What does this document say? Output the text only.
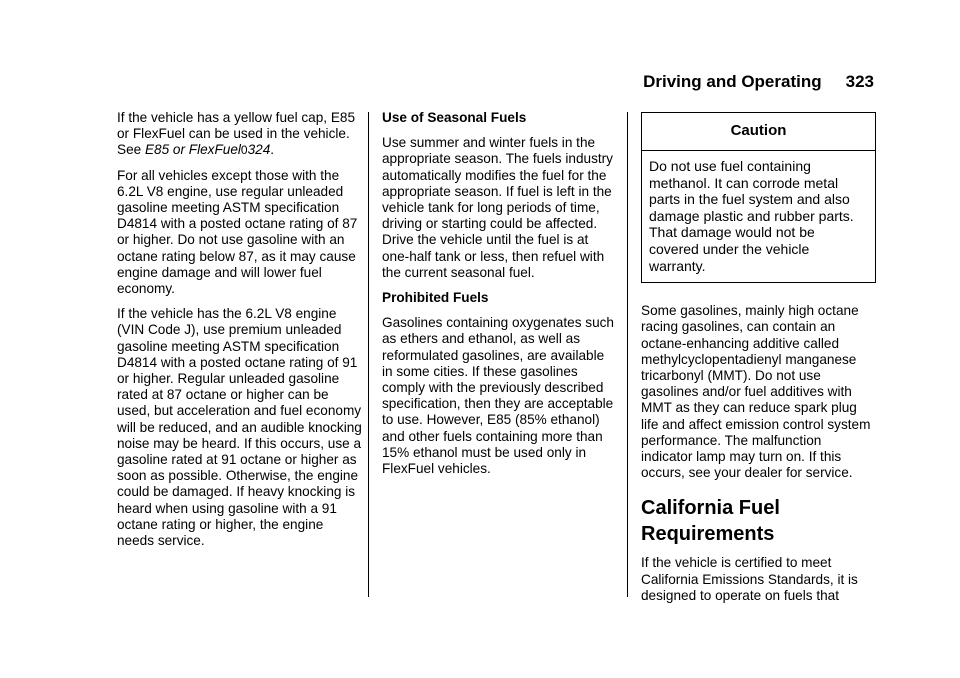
Driving and Operating 323

If the vehicle has a yellow fuel cap, E85 or FlexFuel can be used in the vehicle. See E85 or FlexFuel0324.

For all vehicles except those with the 6.2L V8 engine, use regular unleaded gasoline meeting ASTM specification D4814 with a posted octane rating of 87 or higher. Do not use gasoline with an octane rating below 87, as it may cause engine damage and will lower fuel economy.

If the vehicle has the 6.2L V8 engine (VIN Code J), use premium unleaded gasoline meeting ASTM specification D4814 with a posted octane rating of 91 or higher. Regular unleaded gasoline rated at 87 octane or higher can be used, but acceleration and fuel economy will be reduced, and an audible knocking noise may be heard. If this occurs, use a gasoline rated at 91 octane or higher as soon as possible. Otherwise, the engine could be damaged. If heavy knocking is heard when using gasoline with a 91 octane rating or higher, the engine needs service.

Use of Seasonal Fuels

Use summer and winter fuels in the appropriate season. The fuels industry automatically modifies the fuel for the appropriate season. If fuel is left in the vehicle tank for long periods of time, driving or starting could be affected. Drive the vehicle until the fuel is at one-half tank or less, then refuel with the current seasonal fuel.

Prohibited Fuels

Gasolines containing oxygenates such as ethers and ethanol, as well as reformulated gasolines, are available in some cities. If these gasolines comply with the previously described specification, then they are acceptable to use. However, E85 (85% ethanol) and other fuels containing more than 15% ethanol must be used only in FlexFuel vehicles.

Caution
Do not use fuel containing methanol. It can corrode metal parts in the fuel system and also damage plastic and rubber parts. That damage would not be covered under the vehicle warranty.

Some gasolines, mainly high octane racing gasolines, can contain an octane-enhancing additive called methylcyclopentadienyl manganese tricarbonyl (MMT). Do not use gasolines and/or fuel additives with MMT as they can reduce spark plug life and affect emission control system performance. The malfunction indicator lamp may turn on. If this occurs, see your dealer for service.

California Fuel Requirements

If the vehicle is certified to meet California Emissions Standards, it is designed to operate on fuels that
